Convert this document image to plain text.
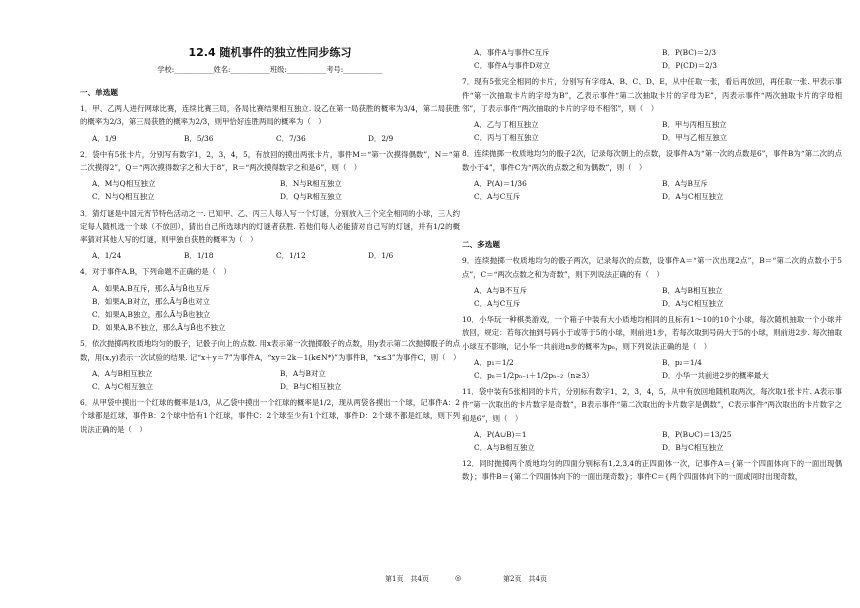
12.4 随机事件的独立性同步练习
学校:___________姓名:___________班级:___________考号:___________
一、单选题
1．甲、乙两人进行网球比赛，连续比赛三局，各局比赛结果相互独立. 设乙在第一局获胜的概率为3/4，第二局获胜的概率为2/3，第三局获胜的概率为2/3，则甲恰好连胜两局的概率为（　）
A．1/9	B．5/36	C．7/36	D．2/9
2．袋中有5张卡片，分别写有数字1，2，3，4，5，有放回的摸出两张卡片，事件M＝“第一次摸得偶数”，N＝“第二次摸得2”，Q＝“两次摸得数字之和大于8”，R＝“两次摸得数字之和是6”，则（　）
A．M与Q相互独立	B．N与R相互独立
C．N与Q相互独立	D．Q与R相互独立
3．猜灯谜是中国元宵节特色活动之一. 已知甲、乙、丙三人每人写一个灯谜，分别放入三个完全相同的小球，三人约定每人随机选一个球（不放回），猜出自己所选球内的灯谜者获胜. 若他们每人必能猜对自己写的灯谜，并有1/2的概率猜对其他人写的灯谜，则甲独自获胜的概率为（　）
A．1/24	B．1/18	C．1/12	D．1/6
4．对于事件A,B，下列命题不正确的是（　）
A．如果A,B互斥，那么Ā与B̄也互斥
B．如果A,B对立，那么Ā与B̄也对立
C．如果A,B独立，那么Ā与B̄也独立
D．如果A,B不独立，那么Ā与B̄也不独立
5．依次抛掷两枚质地均匀的骰子，记骰子向上的点数. 用x表示第一次抛掷骰子的点数，用y表示第二次抛掷骰子的点数，用(x,y)表示一次试验的结果. 记“x＋y＝7”为事件A，“xy＝2k－1(k∈N*)”为事件B，“x≤3”为事件C，则（　）
A．A与B相互独立	B．A与B对立
C．A与C相互独立	D．B与C相互独立
6．从甲袋中摸出一个红球的概率是1/3，从乙袋中摸出一个红球的概率是1/2，现从两袋各摸出一个球，记事件A：2个球都是红球，事件B：2个球中恰有1个红球，事件C：2个球至少有1个红球，事件D：2个球不都是红球，则下列说法正确的是（　）
A．事件A与事件C互斥	B．P(BC)＝2/3
C．事件A与事件D对立	D．P(CD)＝2/3
7．现有5张完全相同的卡片，分别写有字母A、B、C、D、E，从中任取一张，看后再放回，再任取一张. 甲表示事件“第一次抽取卡片的字母为B”，乙表示事件“第二次抽取卡片的字母为E”，丙表示事件“两次抽取卡片的字母相邻”，丁表示事件“两次抽取的卡片的字母不相邻”，则（　）
A．乙与丁相互独立	B．甲与丙相互独立
C．丙与丁相互独立	D．甲与乙相互独立
8．连续抛掷一枚质地均匀的骰子2次，记录每次朝上的点数，设事件A为“第一次的点数是6”，事件B为“第二次的点数小于4”，事件C为“两次的点数之和为偶数”，则（　）
A．P(A)＝1/36	B．A与B互斥
C．A与C互斥	D．A与C相互独立
二、多选题
9．连续抛掷一枚质地均匀的骰子两次，记录每次的点数，设事件A＝“第一次出现2点”，B＝“第二次的点数小于5点”，C＝“两次点数之和为奇数”，则下列说法正确的有（　）
A．A与B不互斥	B．A与B相互独立
C．A与C互斥	D．A与C相互独立
10．小华玩一种棋类游戏，一个箱子中装有大小质地均相同的且标有1～10的10个小球，每次随机抽取一个小球并放回，规定：若每次抽到号码小于或等于5的小球，则前进1步，若每次取到号码大于5的小球，则前进2步. 每次抽取小球互不影响，记小华一共前进n步的概率为pₙ，则下列说法正确的是（　）
A．p₁＝1/2	B．p₂＝1/4
C．pₙ＝1/2pₙ₋₁＋1/2pₙ₋₂（n≥3）	D．小华一共前进2步的概率最大
11．袋中装有5张相同的卡片，分别标有数字1，2，3，4，5，从中有放回地随机取两次，每次取1张卡片. A表示事件“第一次取出的卡片数字是奇数”，B表示事件“第二次取出的卡片数字是偶数”，C表示事件“两次取出的卡片数字之和是6”，则（　）
A．P(A∪B)＝1	B．P(B∪C)＝13/25
C．A与B相互独立	D．B与C相互独立
12．同时抛掷两个质地均匀的四面分别标有1,2,3,4的正四面体一次，记事件A＝{第一个四面体向下的一面出现偶数}；事件B＝{第二个四面体向下的一面出现奇数}；事件C＝{两个四面体向下的一面或同时出现奇数，
第1页　共4页	◎	第2页　共4页
